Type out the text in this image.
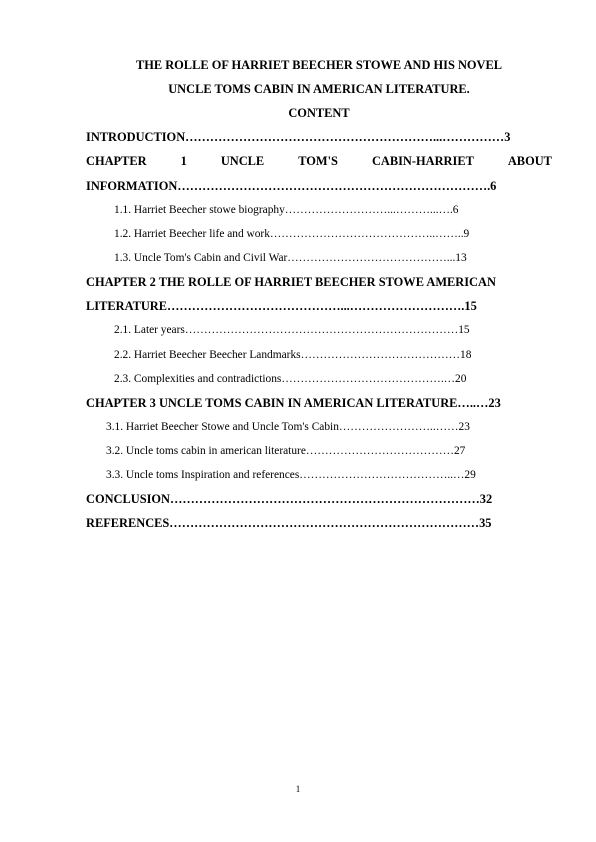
THE ROLLE OF HARRIET BEECHER STOWE AND HIS NOVEL
UNCLE TOMS CABIN IN AMERICAN LITERATURE.
CONTENT
INTRODUCTION……………………………………………………...……………3
CHAPTER	1	UNCLE	TOM'S	CABIN-HARRIET	ABOUT
INFORMATION………………………………………………………………….6
1.1. Harriet Beecher stowe biography………………………...………...….6
1.2. Harriet Beecher life and work……………………………………..……..9
1.3. Uncle Tom's Cabin and Civil War……………………………………...13
CHAPTER 2 THE ROLLE OF HARRIET BEECHER STOWE AMERICAN
LITERATURE……………………………………...……………………….15
2.1. Later years………………………………………………………………15
2.2. Harriet Beecher Beecher Landmarks……………………………………18
2.3. Complexities and contradictions…………………………………….…20
CHAPTER 3 UNCLE TOMS CABIN IN AMERICAN LITERATURE…..…23
3.1. Harriet Beecher Stowe and Uncle Tom's Cabin……………………..……23
3.2. Uncle toms cabin in american literature…………………………………27
3.3. Uncle toms Inspiration and references…………………………………..…29
CONCLUSION…………………………………………………………………32
REFERENCES…………………………………………………………………35
1
